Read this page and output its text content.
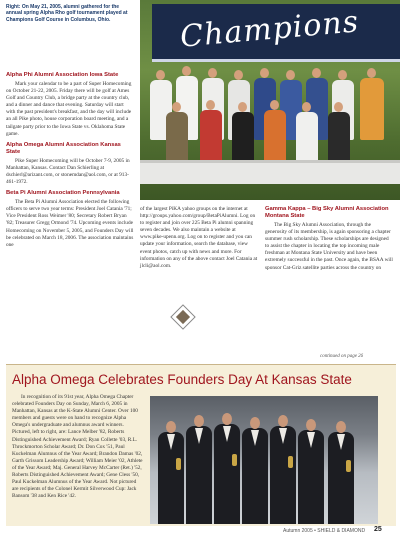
Right: On May 21, 2005, alumni gathered for the annual spring Alpha Rho golf tournament played at Champions Golf Course in Columbus, Ohio.	Champions
Alpha Phi Alumni Association Iowa State

Mark your calendar to be a part of Super Homecoming on October 21-22, 2005. Friday there will be golf at Ames Golf and Country Club, a bridge party at the country club, and a dinner and dance that evening. Saturday will start with the past president's breakfast, and the day will include an all Pike photo, house corporation board meeting, and a tailgate party prior to the Iowa State vs. Oklahoma State game.

Alpha Omega Alumni Association Kansas State

Pike Super Homecoming will be October 7-9, 2005 in Manhattan, Kansas. Contact Dan Schierling at dschierl@arizant.com, or stonemdan@aol.com, or at 913-461-1972.

Beta Pi Alumni Association Pennsylvania

The Beta Pi Alumni Association elected the following officers to serve two year terms: President Joel Catania '71; Vice President Ross Weimer '80; Secretary Robert Bryan '82; Treasurer Gregg Ormond '74. Upcoming events include Homecoming on November 5, 2005, and Founders Day will be celebrated on March 18, 2006. The association maintains one

of the largest PiKA yahoo groups on the internet at http://groups.yahoo.com/group/BetaPiAlumni. Log on to register and join over 225 Beta Pi alumni spanning seven decades. We also maintain a website at www.pike-upenn.org. Log on to register and you can update your information, search the database, view event photos, catch up with news and more. For information on any of the above contact Joel Catania at jlcli@aol.com.

Gamma Kappa – Big Sky Alumni Association Montana State

The Big Sky Alumni Association, through the generosity of its membership, is again sponsoring a chapter summer rush scholarship. These scholarships are designed to assist the chapter in locating the top incoming male freshman at Montana State University and have been extremely successful in the past. Once again, the BSAA will sponsor Cat-Griz satellite parties across the country on

continued on page 26
Alpha Omega Celebrates Founders Day At Kansas State
In recognition of its 91st year, Alpha Omega Chapter celebrated Founders Day on Sunday, March 6, 2005 in Manhattan, Kansas at the K-State Alumni Center. Over 100 members and guests were on hand to recognize Alpha Omega's undergraduate and alumnus award winners. Pictured, left to right, are: Lance Melber '82, Roberts Distinguished Achievement Award; Ryan Collette '03, R.L. Throckmorton Scholar Award; Dr. Don Cox '51, Paul Kuckelman Alumnus of the Year Award; Brandon Damas '02, Garth Grissom Leadership Award; William Meier '02, Athlete of the Year Award; Maj. General Harvey McCarter (Ret.) '52, Roberts Distinguished Achievement Award; Gene Cless '50, Paul Kuckelman Alumnus of the Year Award. Not pictured are recipients of the Colonel Kermit Silverwood Cup: Jack Bansom '38 and Ken Rice '42.
Autumn 2005 • SHIELD & DIAMOND 25
